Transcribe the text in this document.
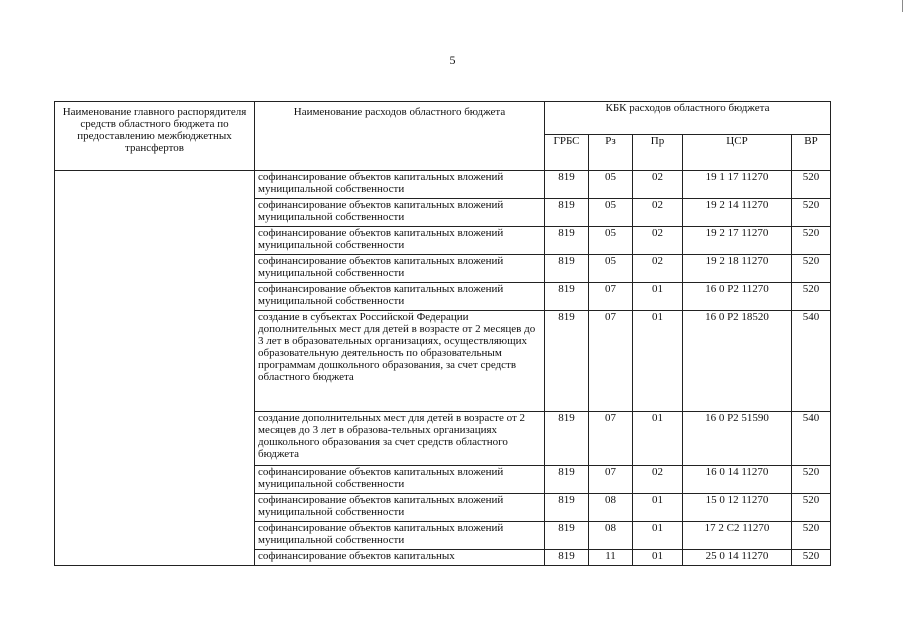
5
Наименование главного распорядителя средств областного бюджета по предоставлению межбюджетных трансфертов	Наименование расходов областного бюджета	КБК расходов областного бюджета				
		ГРБС	Рз	Пр	ЦСР	ВР
	софинансирование объектов капитальных вложений муниципальной собственности	819	05	02	19 1 17 11270	520
	софинансирование объектов капитальных вложений муниципальной собственности	819	05	02	19 2 14 11270	520
	софинансирование объектов капитальных вложений муниципальной собственности	819	05	02	19 2 17 11270	520
	софинансирование объектов капитальных вложений муниципальной собственности	819	05	02	19 2 18 11270	520
	софинансирование объектов капитальных вложений муниципальной собственности	819	07	01	16 0 P2 11270	520
	создание в субъектах Российской Федерации дополнительных мест для детей в возрасте от 2 месяцев до 3 лет в образовательных организациях, осуществляющих образовательную деятельность по образовательным программам дошкольного образования, за счет средств областного бюджета	819	07	01	16 0 P2 18520	540
	создание дополнительных мест для детей в возрасте от 2 месяцев до 3 лет в образова-тельных организациях дошкольного образования за счет средств областного бюджета	819	07	01	16 0 P2 51590	540
	софинансирование объектов капитальных вложений муниципальной собственности	819	07	02	16 0 14 11270	520
	софинансирование объектов капитальных вложений муниципальной собственности	819	08	01	15 0 12 11270	520
	софинансирование объектов капитальных вложений муниципальной собственности	819	08	01	17 2 C2 11270	520
	софинансирование объектов капитальных	819	11	01	25 0 14 11270	520
